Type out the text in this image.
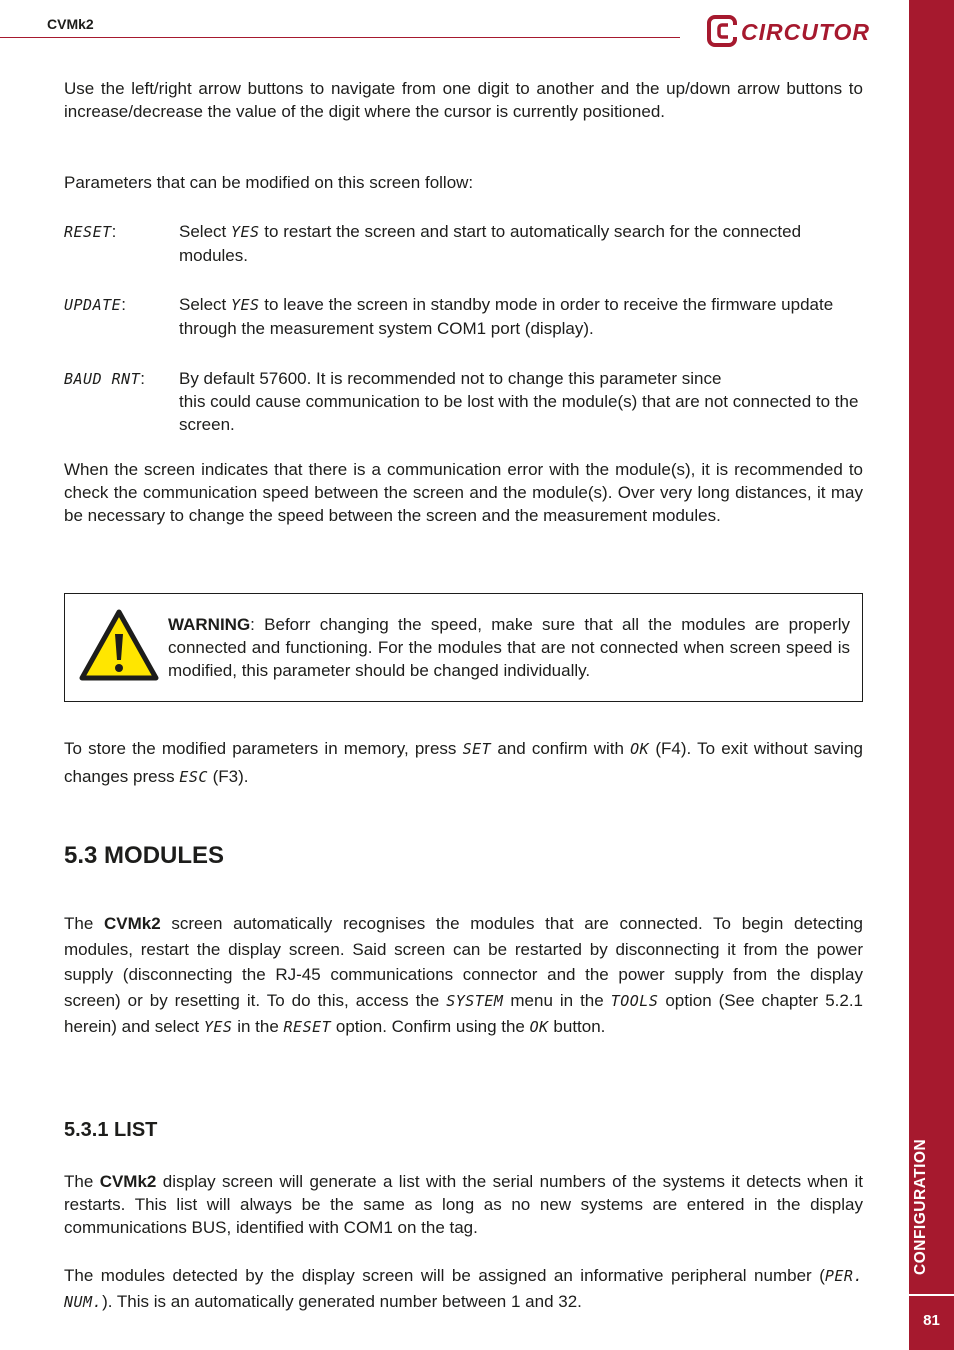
CVMk2	CIRCUTOR
CONFIGURATION
81

Use the left/right arrow buttons to navigate from one digit to another and the up/down arrow buttons to increase/decrease the value of the digit where the cursor is currently positioned.

Parameters that can be modified on this screen follow:

RESET:	Select YES to restart the screen and start to automatically search for the connected modules.
UPDATE:	Select YES to leave the screen in standby mode in order to receive the firmware update through the measurement system COM1 port (display).
BAUD RNT: By default 57600. It is recommended not to change this parameter since
this could cause communication to be lost with the module(s) that are not connected to the screen.

When the screen indicates that there is a communication error with the module(s), it is recommended to check the communication speed between the screen and the module(s). Over very long distances, it may be necessary to change the speed between the screen and the measurement modules.

WARNING: Beforr changing the speed, make sure that all the modules are properly connected and functioning. For the modules that are not connected when screen speed is modified, this parameter should be changed individually.

To store the modified parameters in memory, press SET and confirm with OK (F4). To exit without saving changes press ESC (F3).

5.3 MODULES

The CVMk2 screen automatically recognises the modules that are connected. To begin detecting modules, restart the display screen. Said screen can be restarted by disconnecting it from the power supply (disconnecting the RJ-45 communications connector and the power supply from the display screen) or by resetting it. To do this, access the SYSTEM menu in the TOOLS option (See chapter 5.2.1 herein) and select YES in the RESET option. Confirm using the OK button.

5.3.1 LIST

The CVMk2 display screen will generate a list with the serial numbers of the systems it detects when it restarts. This list will always be the same as long as no new systems are entered in the display communications BUS, identified with COM1 on the tag.

The modules detected by the display screen will be assigned an informative peripheral number (PER. NUM.). This is an automatically generated number between 1 and 32.
